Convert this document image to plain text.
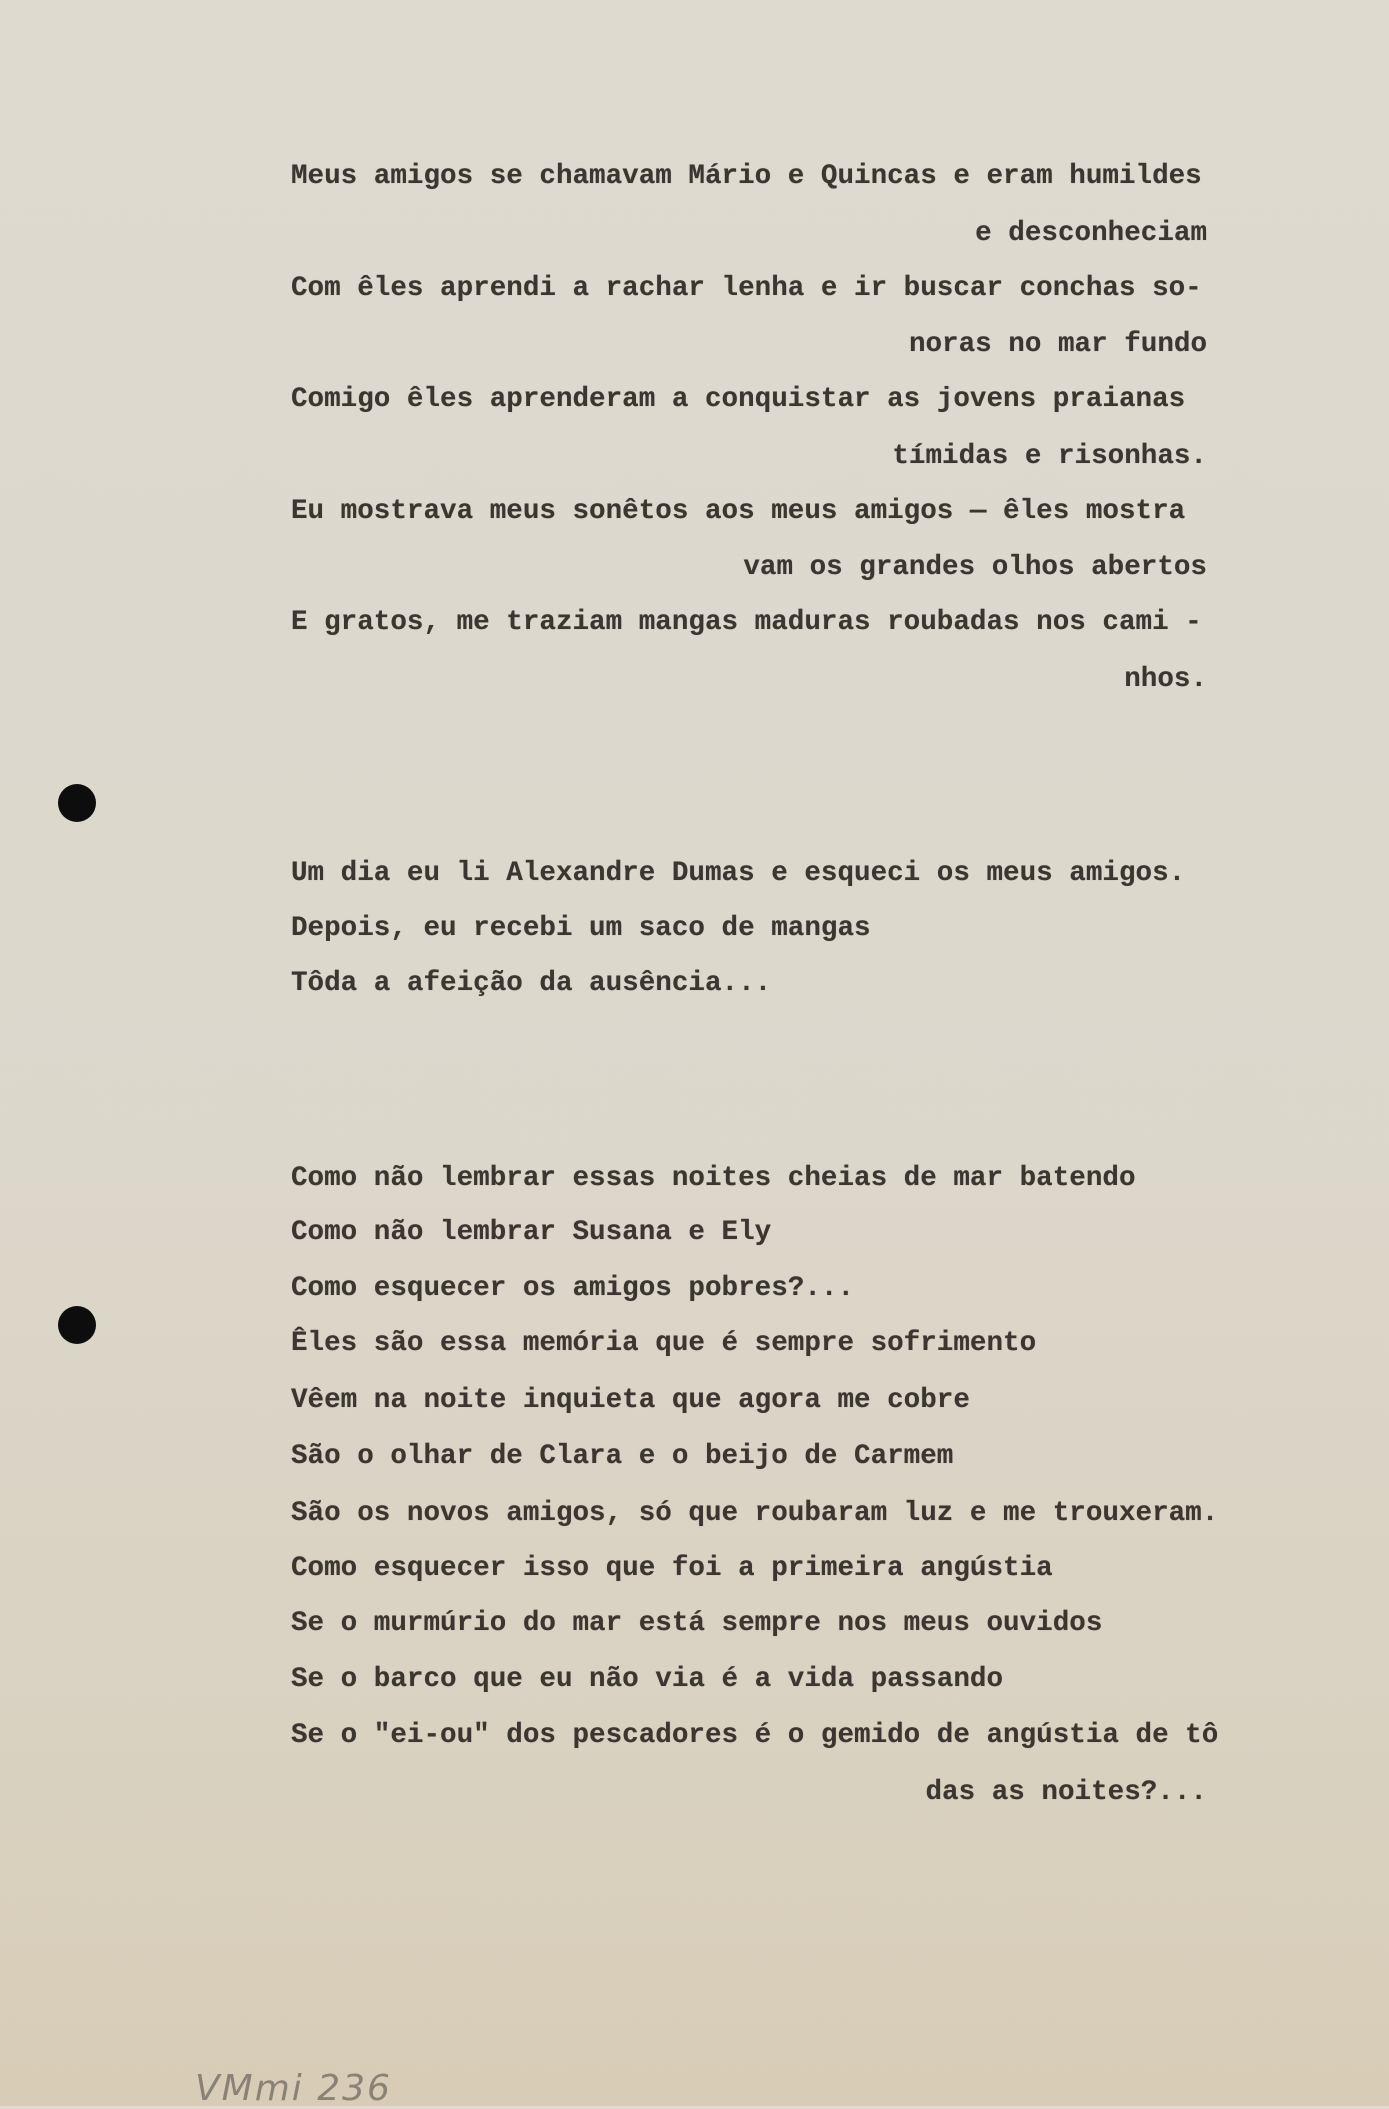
VMmi 236
Meus amigos se chamavam Mário e Quincas e eram humildes
e desconheciam
Com êles aprendi a rachar lenha e ir buscar conchas so-
noras no mar fundo
Comigo êles aprenderam a conquistar as jovens praianas
tímidas e risonhas.
Eu mostrava meus sonêtos aos meus amigos — êles mostra
vam os grandes olhos abertos
E gratos, me traziam mangas maduras roubadas nos cami -
nhos.
Um dia eu li Alexandre Dumas e esqueci os meus amigos.
Depois, eu recebi um saco de mangas
Tôda a afeição da ausência...
Como não lembrar essas noites cheias de mar batendo
Como não lembrar Susana e Ely
Como esquecer os amigos pobres?...
Êles são essa memória que é sempre sofrimento
Vêem na noite inquieta que agora me cobre
São o olhar de Clara e o beijo de Carmem
São os novos amigos, só que roubaram luz e me trouxeram.
Como esquecer isso que foi a primeira angústia
Se o murmúrio do mar está sempre nos meus ouvidos
Se o barco que eu não via é a vida passando
Se o "ei-ou" dos pescadores é o gemido de angústia de tô
das as noites?...
